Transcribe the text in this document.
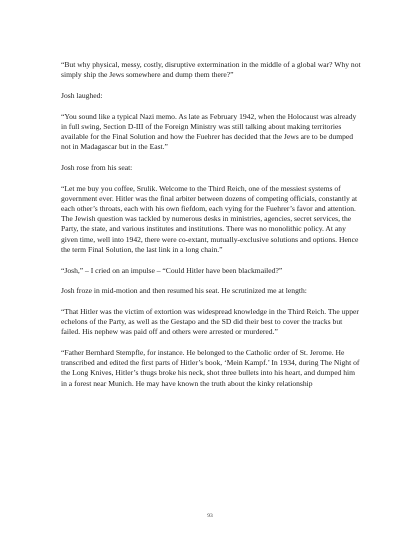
“But why physical, messy, costly, disruptive extermination in the middle of a global war? Why not simply ship the Jews somewhere and dump them there?”

Josh laughed:

“You sound like a typical Nazi memo. As late as February 1942, when the Holocaust was already in full swing, Section D-III of the Foreign Ministry was still talking about making territories available for the Final Solution and how the Fuehrer has decided that the Jews are to be dumped not in Madagascar but in the East.”

Josh rose from his seat:

“Let me buy you coffee, Srulik. Welcome to the Third Reich, one of the messiest systems of government ever. Hitler was the final arbiter between dozens of competing officials, constantly at each other’s throats, each with his own fiefdom, each vying for the Fuehrer’s favor and attention. The Jewish question was tackled by numerous desks in ministries, agencies, secret services, the Party, the state, and various institutes and institutions. There was no monolithic policy. At any given time, well into 1942, there were co-extant, mutually-exclusive solutions and options. Hence the term Final Solution, the last link in a long chain.”

“Josh,” – I cried on an impulse – “Could Hitler have been blackmailed?”

Josh froze in mid-motion and then resumed his seat. He scrutinized me at length:

“That Hitler was the victim of extortion was widespread knowledge in the Third Reich. The upper echelons of the Party, as well as the Gestapo and the SD did their best to cover the tracks but failed. His nephew was paid off and others were arrested or murdered.”

“Father Bernhard Stempfle, for instance. He belonged to the Catholic order of St. Jerome. He transcribed and edited the first parts of Hitler’s book, ‘Mein Kampf.’ In 1934, during The Night of the Long Knives, Hitler’s thugs broke his neck, shot three bullets into his heart, and dumped him in a forest near Munich. He may have known the truth about the kinky relationship

93
